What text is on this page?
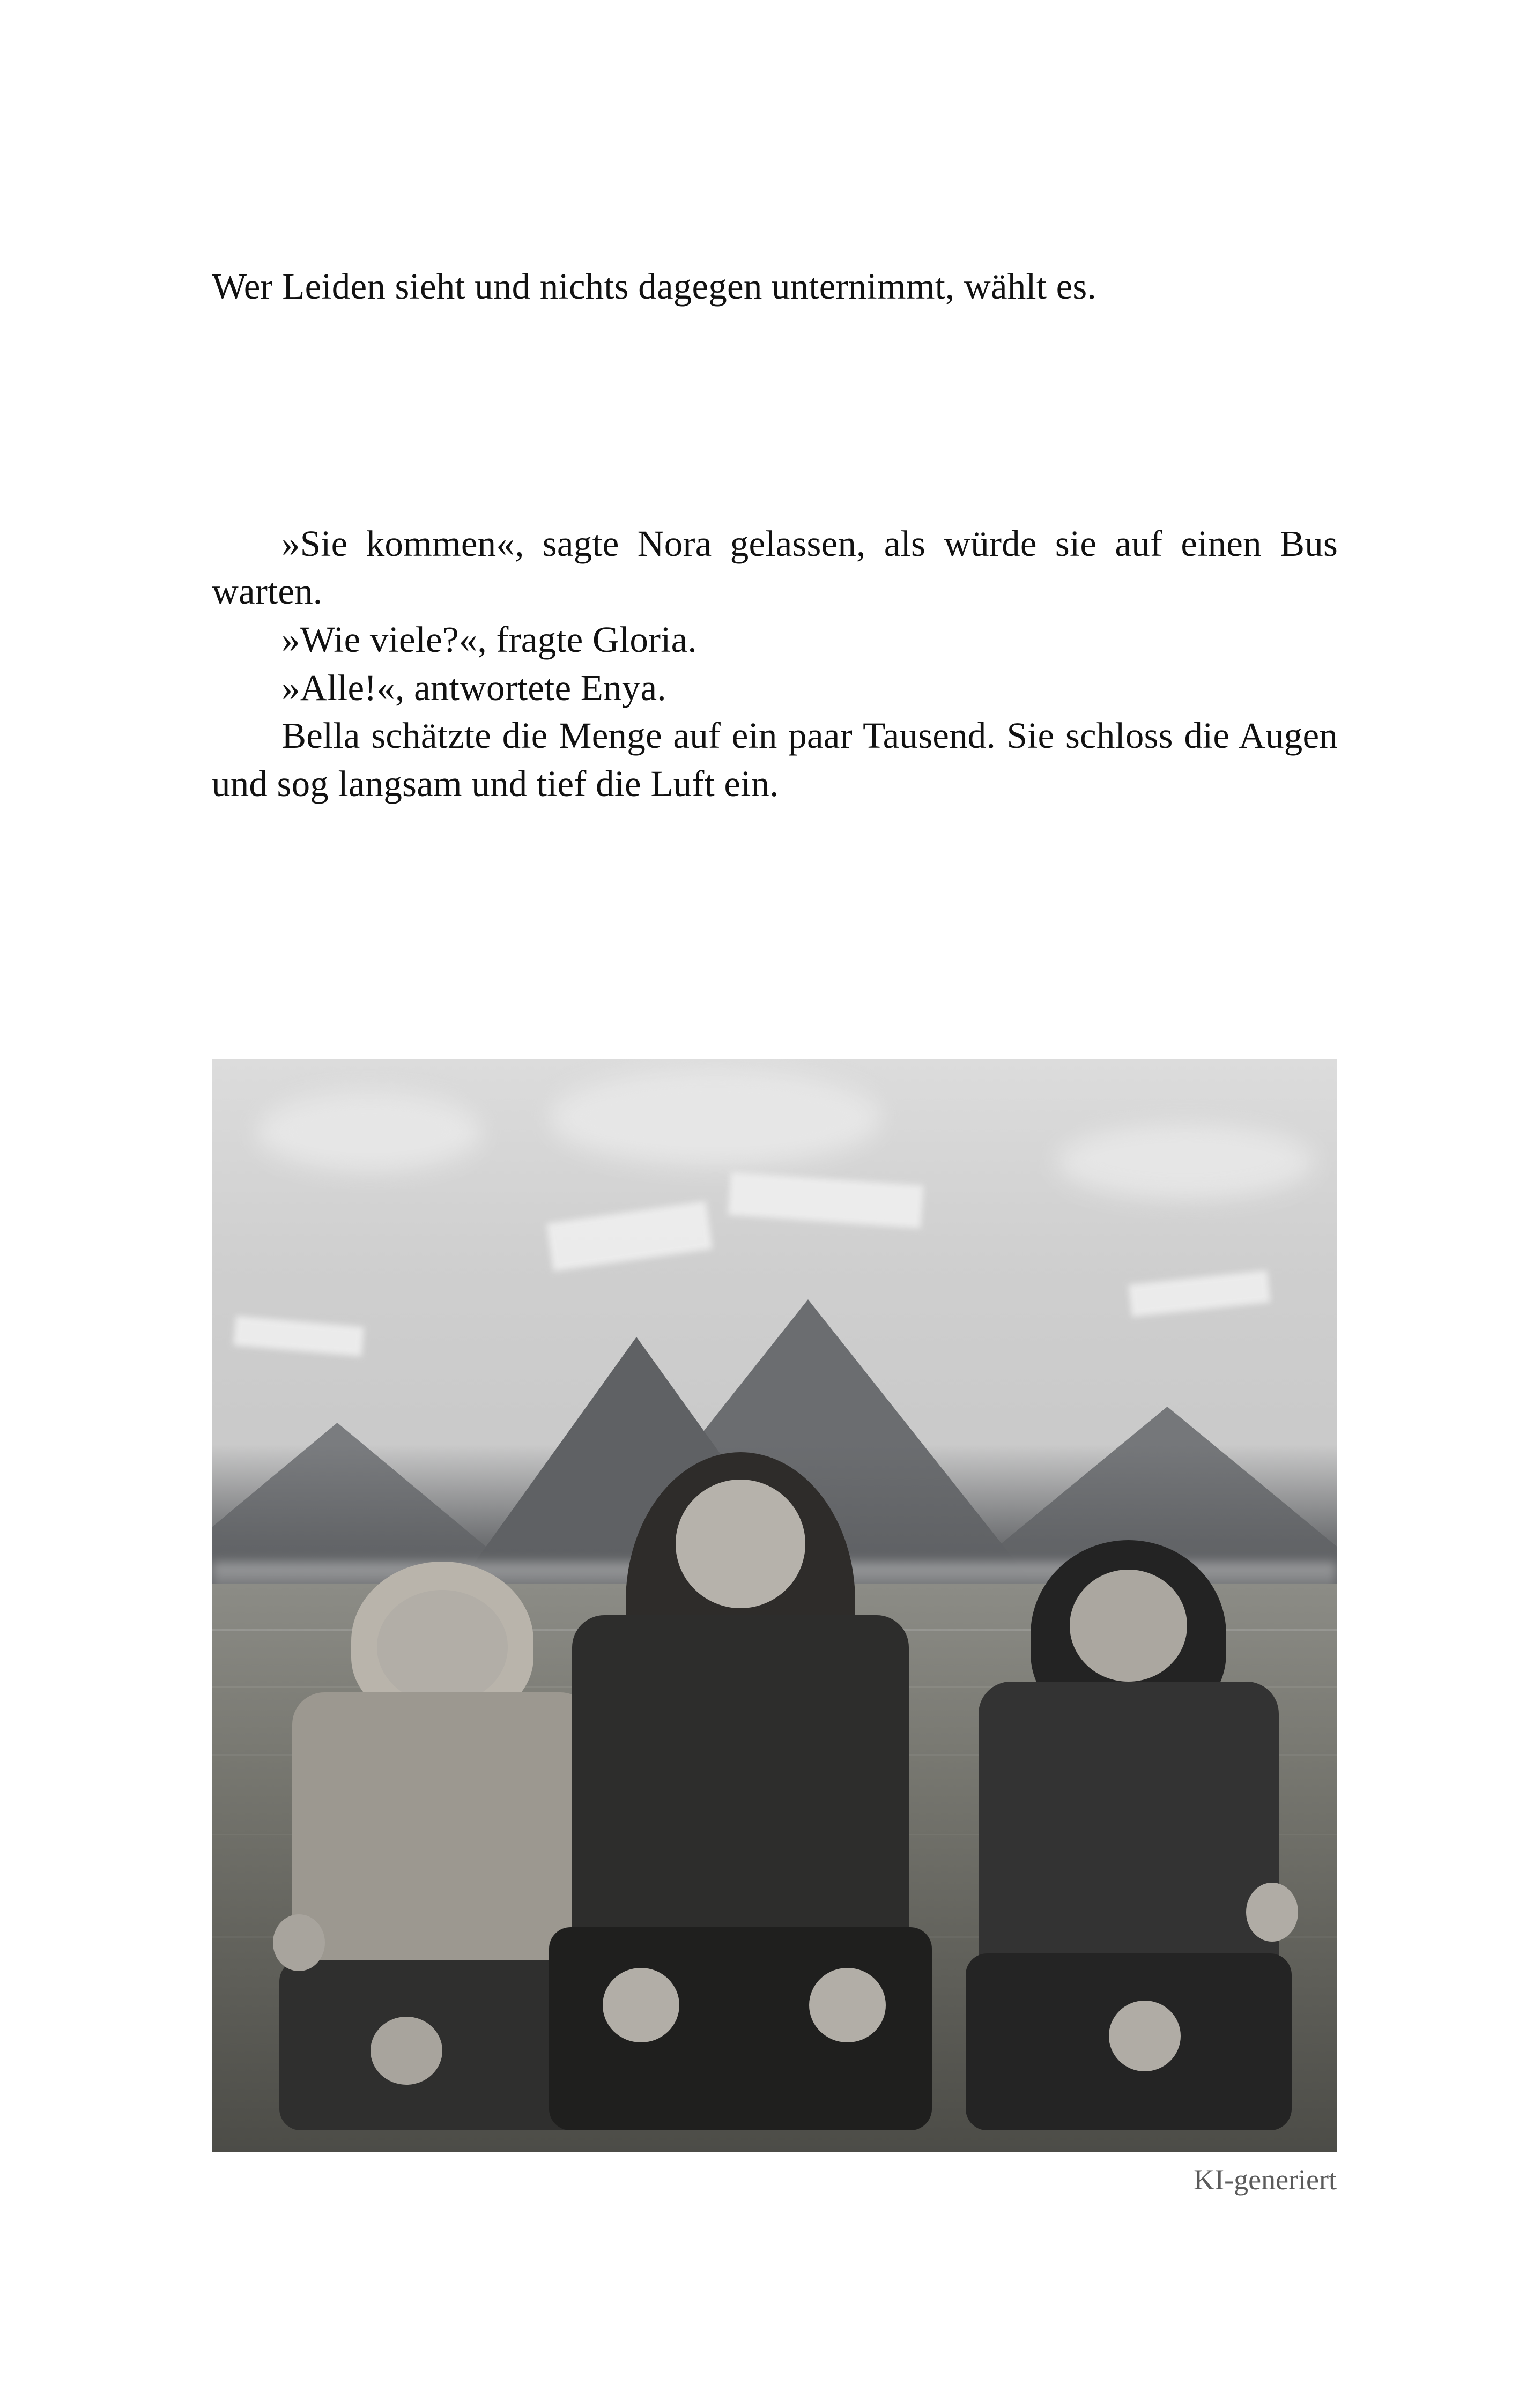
Wer Leiden sieht und nichts dagegen unternimmt, wählt es.

»Sie kommen«, sagte Nora gelassen, als würde sie auf einen Bus warten.

»Wie viele?«, fragte Gloria.

»Alle!«, antwortete Enya.

Bella schätzte die Menge auf ein paar Tausend. Sie schloss die Augen und sog langsam und tief die Luft ein.

KI-generiert
